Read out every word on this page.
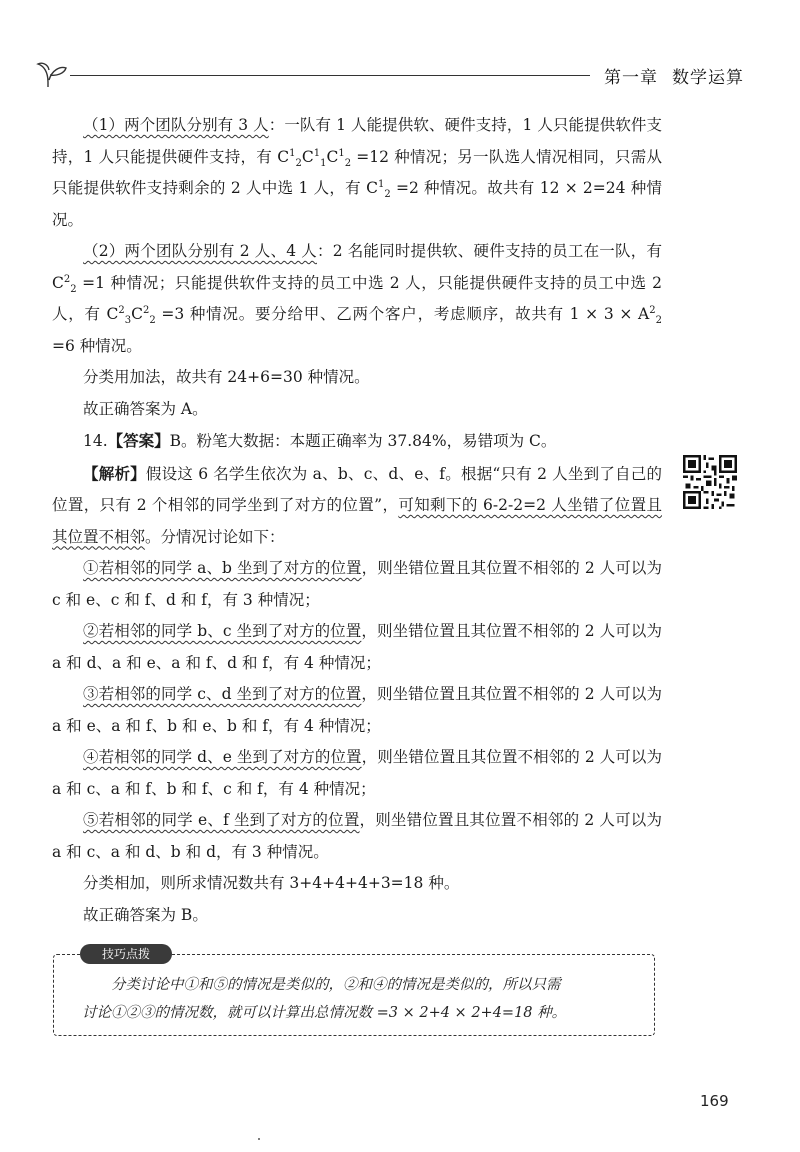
第一章 数学运算

（1）两个团队分别有 3 人：一队有 1 人能提供软、硬件支持，1 人只能提供软件支持，1 人只能提供硬件支持，有 $C^1_2C^1_1C^1_2 =12$ 种情况；另一队选人情况相同，只需从只能提供软件支持剩余的 2 人中选 1 人，有 $C^1_2 =2$ 种情况。故共有 12 × 2=24 种情况。

（2）两个团队分别有 2 人、4 人：2 名能同时提供软、硬件支持的员工在一队，有 $C^2_2 =1$ 种情况；只能提供软件支持的员工中选 2 人，只能提供硬件支持的员工中选 2 人，有 $C^2_3C^2_2 =3$ 种情况。要分给甲、乙两个客户，考虑顺序，故共有 $1 \times 3 \times A^2_2 =6$ 种情况。

分类用加法，故共有 24+6=30 种情况。

故正确答案为 A。

14.【答案】B。粉笔大数据：本题正确率为 37.84%，易错项为 C。

【解析】假设这 6 名学生依次为 a、b、c、d、e、f。根据“只有 2 人坐到了自己的位置，只有 2 个相邻的同学坐到了对方的位置”，可知剩下的 6-2-2=2 人坐错了位置且其位置不相邻。分情况讨论如下：

①若相邻的同学 a、b 坐到了对方的位置，则坐错位置且其位置不相邻的 2 人可以为 c 和 e、c 和 f、d 和 f，有 3 种情况；

②若相邻的同学 b、c 坐到了对方的位置，则坐错位置且其位置不相邻的 2 人可以为 a 和 d、a 和 e、a 和 f、d 和 f，有 4 种情况；

③若相邻的同学 c、d 坐到了对方的位置，则坐错位置且其位置不相邻的 2 人可以为 a 和 e、a 和 f、b 和 e、b 和 f，有 4 种情况；

④若相邻的同学 d、e 坐到了对方的位置，则坐错位置且其位置不相邻的 2 人可以为 a 和 c、a 和 f、b 和 f、c 和 f，有 4 种情况；

⑤若相邻的同学 e、f 坐到了对方的位置，则坐错位置且其位置不相邻的 2 人可以为 a 和 c、a 和 d、b 和 d，有 3 种情况。

分类相加，则所求情况数共有 3+4+4+4+3=18 种。

故正确答案为 B。

技巧点拨
分类讨论中①和⑤的情况是类似的，②和④的情况是类似的，所以只需
讨论①②③的情况数，就可以计算出总情况数 =3 × 2+4 × 2+4=18 种。
169
